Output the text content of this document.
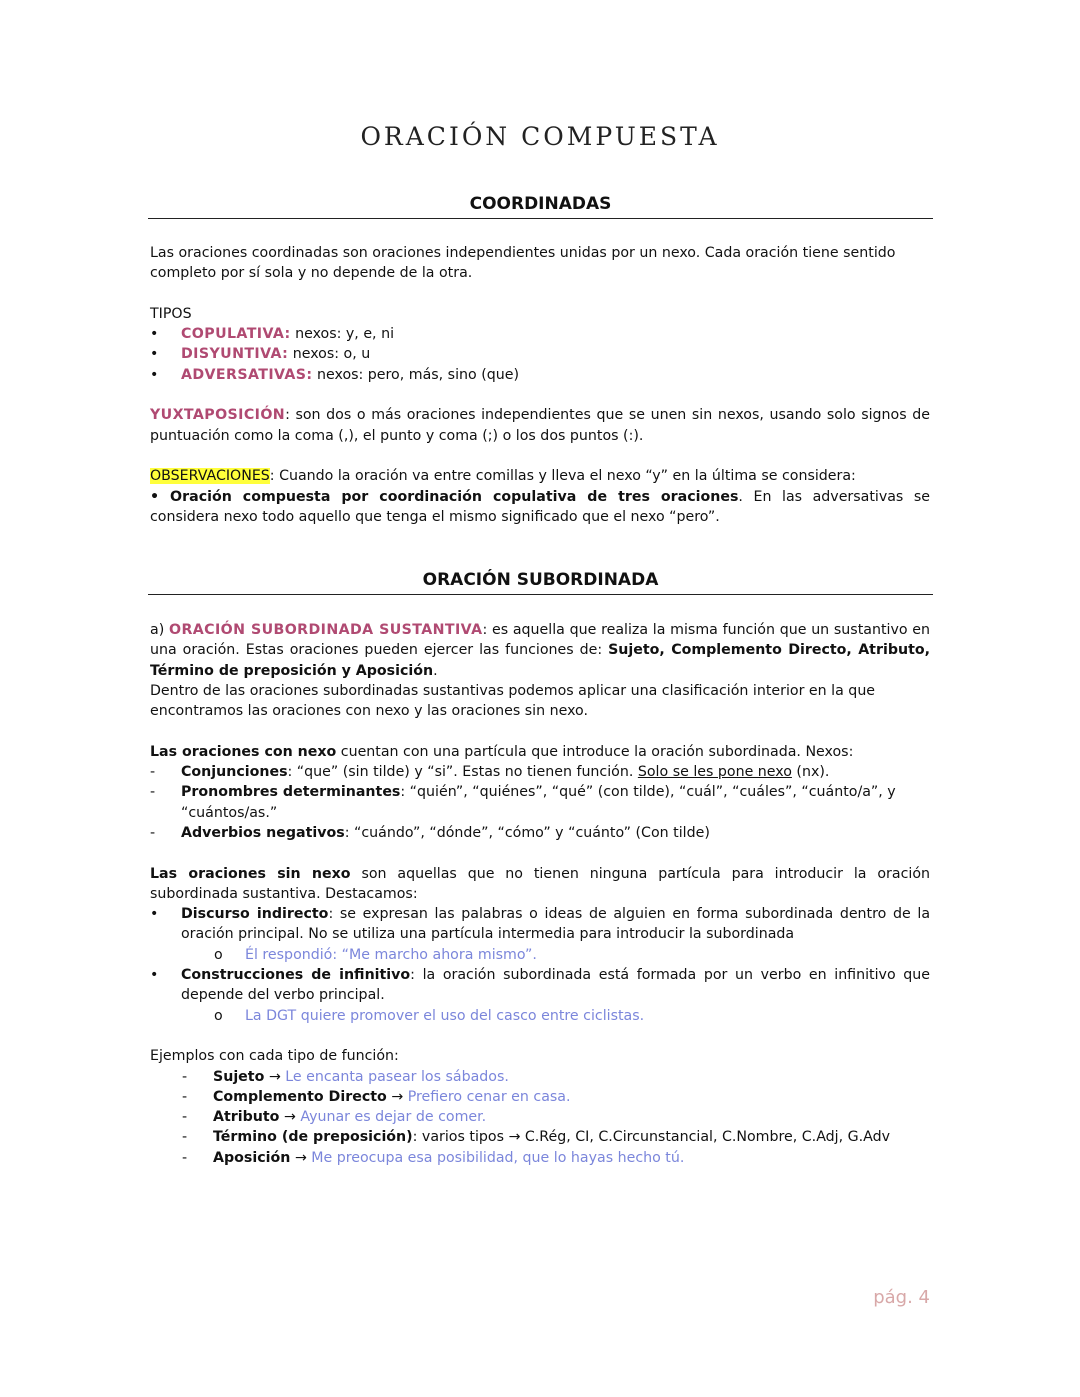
ORACIÓN COMPUESTA
COORDINADAS

Las oraciones coordinadas son oraciones independientes unidas por un nexo. Cada oración tiene sentido completo por sí sola y no depende de la otra.

TIPOS

• COPULATIVA: nexos: y, e, ni
• DISYUNTIVA: nexos: o, u
• ADVERSATIVAS: nexos: pero, más, sino (que)

YUXTAPOSICIÓN: son dos o más oraciones independientes que se unen sin nexos, usando solo signos de puntuación como la coma (,), el punto y coma (;) o los dos puntos (:).

OBSERVACIONES: Cuando la oración va entre comillas y lleva el nexo “y” en la última se considera:

• Oración compuesta por coordinación copulativa de tres oraciones. En las adversativas se considera nexo todo aquello que tenga el mismo significado que el nexo “pero”.

ORACIÓN SUBORDINADA

a) ORACIÓN SUBORDINADA SUSTANTIVA: es aquella que realiza la misma función que un sustantivo en una oración. Estas oraciones pueden ejercer las funciones de: Sujeto, Complemento Directo, Atributo, Término de preposición y Aposición.

Dentro de las oraciones subordinadas sustantivas podemos aplicar una clasificación interior en la que encontramos las oraciones con nexo y las oraciones sin nexo.

Las oraciones con nexo cuentan con una partícula que introduce la oración subordinada. Nexos:

- Conjunciones: “que” (sin tilde) y “si”. Estas no tienen función. Solo se les pone nexo (nx).
- Pronombres determinantes: “quién”, “quiénes”, “qué” (con tilde), “cuál”, “cuáles”, “cuánto/a”, y “cuántos/as.”
- Adverbios negativos: “cuándo”, “dónde”, “cómo” y “cuánto” (Con tilde)

Las oraciones sin nexo son aquellas que no tienen ninguna partícula para introducir la oración subordinada sustantiva. Destacamos:

• Discurso indirecto: se expresan las palabras o ideas de alguien en forma subordinada dentro de la oración principal. No se utiliza una partícula intermedia para introducir la subordinada
o Él respondió: “Me marcho ahora mismo”.
• Construcciones de infinitivo: la oración subordinada está formada por un verbo en infinitivo que depende del verbo principal.
o La DGT quiere promover el uso del casco entre ciclistas.

Ejemplos con cada tipo de función:

- Sujeto → Le encanta pasear los sábados.
- Complemento Directo → Prefiero cenar en casa.
- Atributo → Ayunar es dejar de comer.
- Término (de preposición): varios tipos → C.Rég, CI, C.Circunstancial, C.Nombre, C.Adj, G.Adv
- Aposición → Me preocupa esa posibilidad, que lo hayas hecho tú.
pág. 4
